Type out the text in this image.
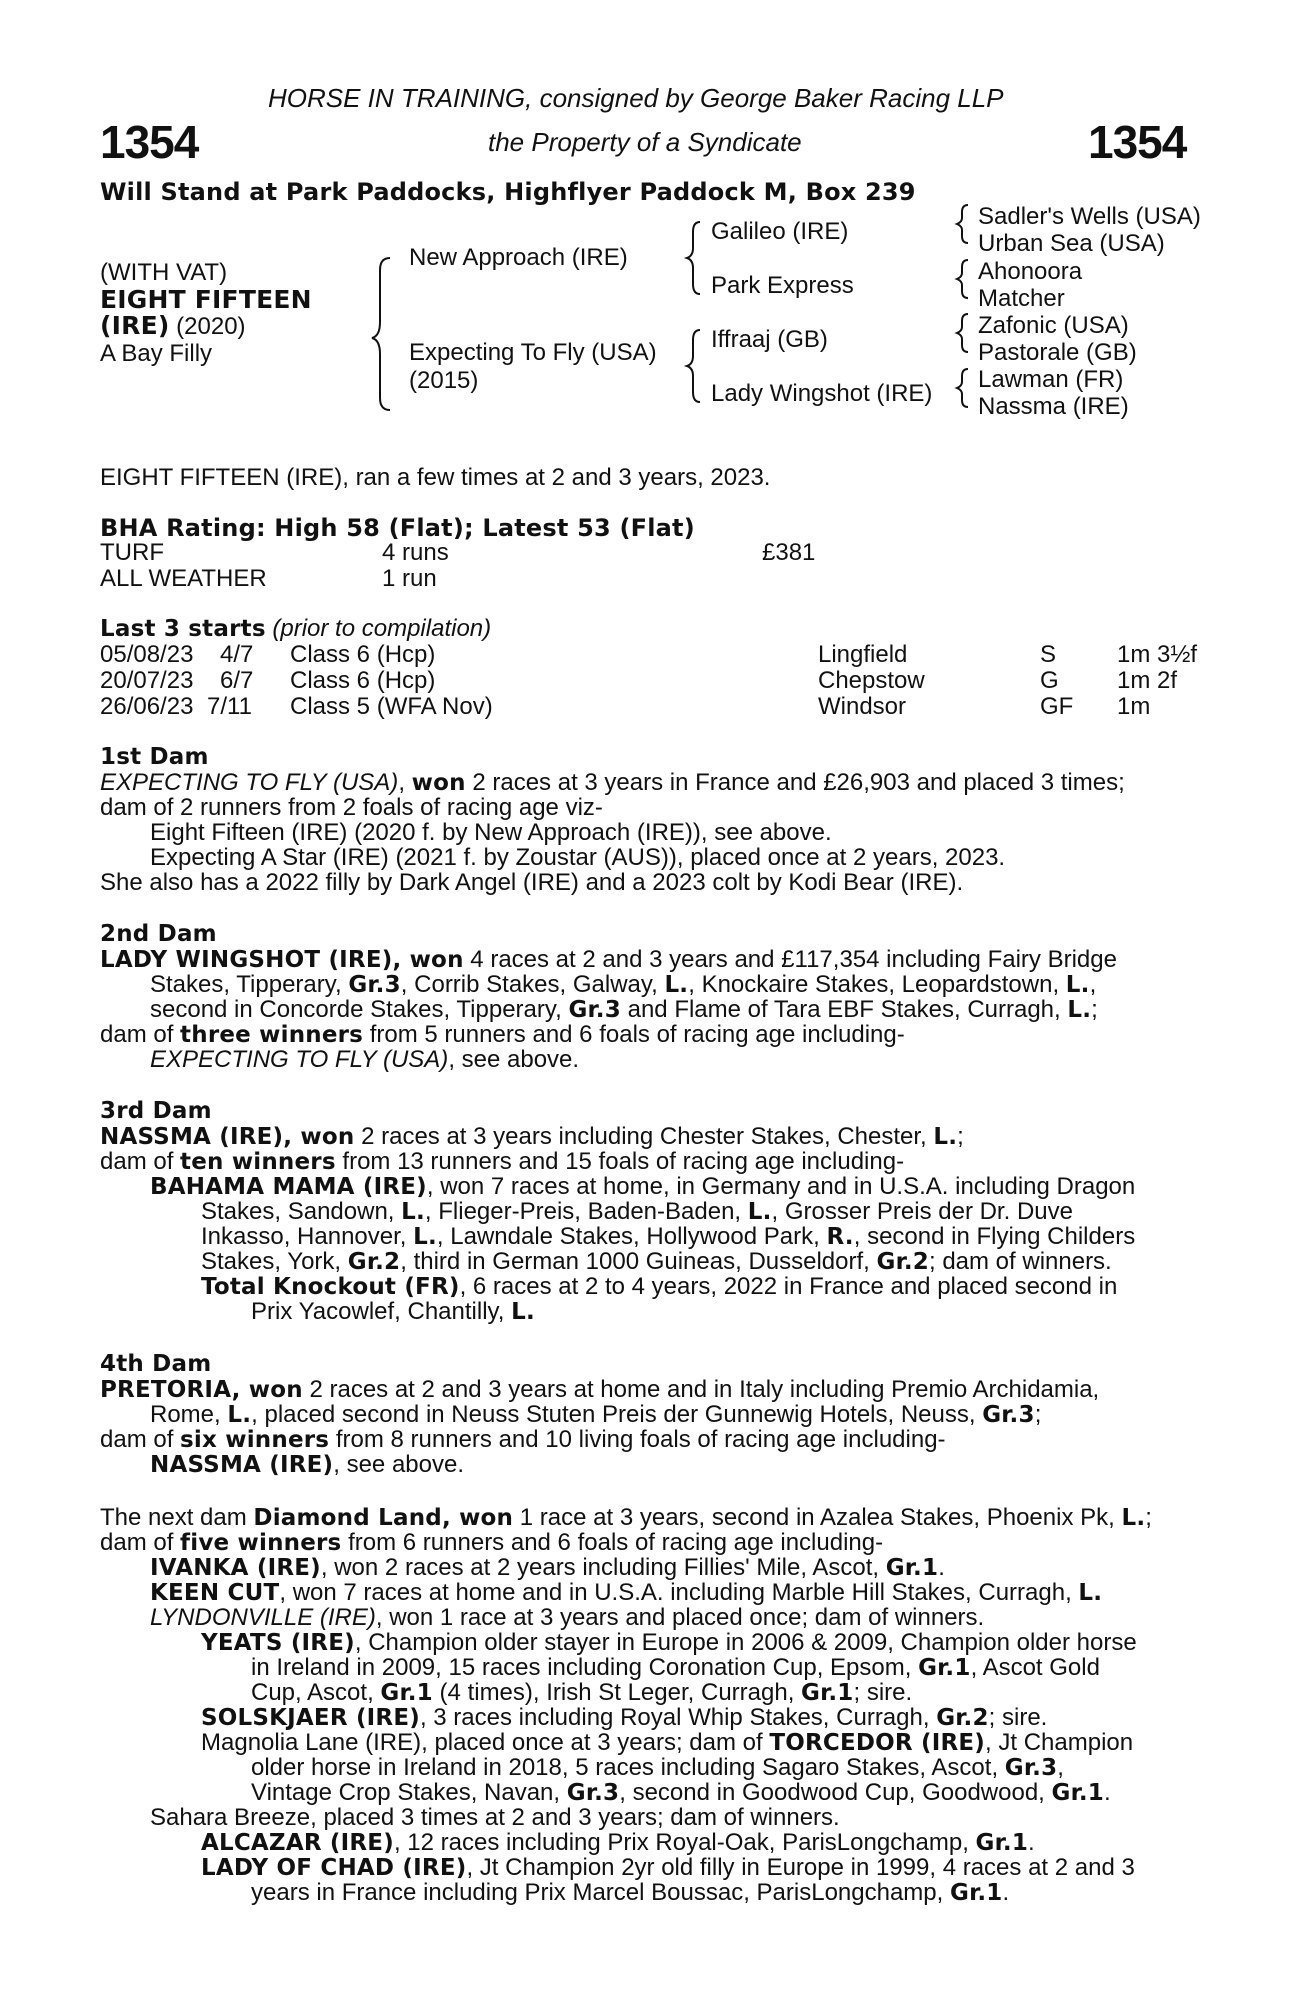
HORSE IN TRAINING, consigned by George Baker Racing LLP
the Property of a Syndicate
1354	1354
Will Stand at Park Paddocks, Highflyer Paddock M, Box 239
(WITH VAT)
EIGHT FIFTEEN
(IRE) (2020)
A Bay Filly
New Approach (IRE)
Expecting To Fly (USA)
(2015)
Galileo (IRE)
Park Express
Iffraaj (GB)
Lady Wingshot (IRE)
Sadler's Wells (USA)
Urban Sea (USA)
Ahonoora
Matcher
Zafonic (USA)
Pastorale (GB)
Lawman (FR)
Nassma (IRE)
EIGHT FIFTEEN (IRE), ran a few times at 2 and 3 years, 2023.
BHA Rating: High 58 (Flat); Latest 53 (Flat)
TURF	4 runs	£381
ALL WEATHER	1 run
Last 3 starts (prior to compilation)
05/08/23 4/7 Class 6 (Hcp)	Lingfield	S	1m 3½f
20/07/23 6/7 Class 6 (Hcp)	Chepstow	G 1m 2f
26/06/23 7/11 Class 5 (WFA Nov)	Windsor	GF 1m
1st Dam
EXPECTING TO FLY (USA), won 2 races at 3 years in France and £26,903 and placed 3 times;
dam of 2 runners from 2 foals of racing age viz-
Eight Fifteen (IRE) (2020 f. by New Approach (IRE)), see above.
Expecting A Star (IRE) (2021 f. by Zoustar (AUS)), placed once at 2 years, 2023.
She also has a 2022 filly by Dark Angel (IRE) and a 2023 colt by Kodi Bear (IRE).
2nd Dam
LADY WINGSHOT (IRE), won 4 races at 2 and 3 years and £117,354 including Fairy Bridge
Stakes, Tipperary, Gr.3, Corrib Stakes, Galway, L., Knockaire Stakes, Leopardstown, L.,
second in Concorde Stakes, Tipperary, Gr.3 and Flame of Tara EBF Stakes, Curragh, L.;
dam of three winners from 5 runners and 6 foals of racing age including-
EXPECTING TO FLY (USA), see above.
3rd Dam
NASSMA (IRE), won 2 races at 3 years including Chester Stakes, Chester, L.;
dam of ten winners from 13 runners and 15 foals of racing age including-
BAHAMA MAMA (IRE), won 7 races at home, in Germany and in U.S.A. including Dragon
Stakes, Sandown, L., Flieger-Preis, Baden-Baden, L., Grosser Preis der Dr. Duve
Inkasso, Hannover, L., Lawndale Stakes, Hollywood Park, R., second in Flying Childers
Stakes, York, Gr.2, third in German 1000 Guineas, Dusseldorf, Gr.2; dam of winners.
Total Knockout (FR), 6 races at 2 to 4 years, 2022 in France and placed second in
Prix Yacowlef, Chantilly, L.
4th Dam
PRETORIA, won 2 races at 2 and 3 years at home and in Italy including Premio Archidamia,
Rome, L., placed second in Neuss Stuten Preis der Gunnewig Hotels, Neuss, Gr.3;
dam of six winners from 8 runners and 10 living foals of racing age including-
NASSMA (IRE), see above.
The next dam Diamond Land, won 1 race at 3 years, second in Azalea Stakes, Phoenix Pk, L.;
dam of five winners from 6 runners and 6 foals of racing age including-
IVANKA (IRE), won 2 races at 2 years including Fillies' Mile, Ascot, Gr.1.
KEEN CUT, won 7 races at home and in U.S.A. including Marble Hill Stakes, Curragh, L.
LYNDONVILLE (IRE), won 1 race at 3 years and placed once; dam of winners.
YEATS (IRE), Champion older stayer in Europe in 2006 & 2009, Champion older horse
in Ireland in 2009, 15 races including Coronation Cup, Epsom, Gr.1, Ascot Gold
Cup, Ascot, Gr.1 (4 times), Irish St Leger, Curragh, Gr.1; sire.
SOLSKJAER (IRE), 3 races including Royal Whip Stakes, Curragh, Gr.2; sire.
Magnolia Lane (IRE), placed once at 3 years; dam of TORCEDOR (IRE), Jt Champion
older horse in Ireland in 2018, 5 races including Sagaro Stakes, Ascot, Gr.3,
Vintage Crop Stakes, Navan, Gr.3, second in Goodwood Cup, Goodwood, Gr.1.
Sahara Breeze, placed 3 times at 2 and 3 years; dam of winners.
ALCAZAR (IRE), 12 races including Prix Royal-Oak, ParisLongchamp, Gr.1.
LADY OF CHAD (IRE), Jt Champion 2yr old filly in Europe in 1999, 4 races at 2 and 3
years in France including Prix Marcel Boussac, ParisLongchamp, Gr.1.
